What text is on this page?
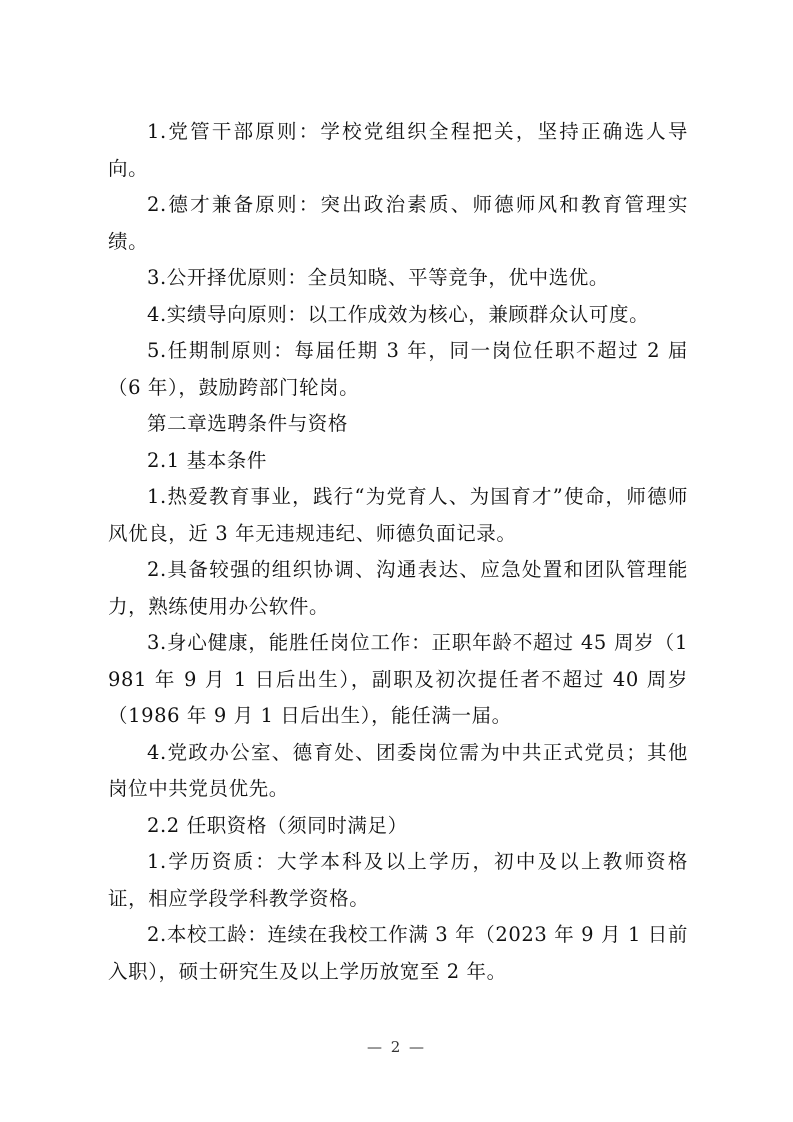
1.党管干部原则：学校党组织全程把关，坚持正确选人导向。

2.德才兼备原则：突出政治素质、师德师风和教育管理实绩。

3.公开择优原则：全员知晓、平等竞争，优中选优。

4.实绩导向原则：以工作成效为核心，兼顾群众认可度。

5.任期制原则：每届任期 3 年，同一岗位任职不超过 2 届（6 年），鼓励跨部门轮岗。

第二章选聘条件与资格

2.1 基本条件

1.热爱教育事业，践行“为党育人、为国育才”使命，师德师风优良，近 3 年无违规违纪、师德负面记录。

2.具备较强的组织协调、沟通表达、应急处置和团队管理能力，熟练使用办公软件。

3.身心健康，能胜任岗位工作：正职年龄不超过 45 周岁（1981 年 9 月 1 日后出生），副职及初次提任者不超过 40 周岁（1986 年 9 月 1 日后出生），能任满一届。

4.党政办公室、德育处、团委岗位需为中共正式党员；其他岗位中共党员优先。

2.2 任职资格（须同时满足）

1.学历资质：大学本科及以上学历，初中及以上教师资格证，相应学段学科教学资格。

2.本校工龄：连续在我校工作满 3 年（2023 年 9 月 1 日前入职），硕士研究生及以上学历放宽至 2 年。

— 2 —
